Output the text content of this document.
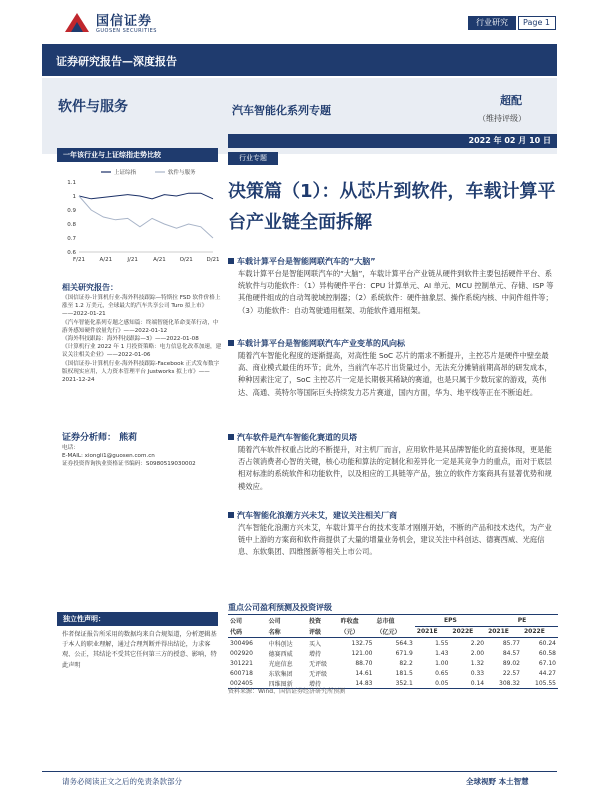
国信证券
GUOSEN SECURITIES
行业研究	Page 1
证券研究报告—深度报告
软件与服务	汽车智能化系列专题
超配
（维持评级）
2022 年 02 月 10 日
一年该行业与上证综指走势比较
上证综指	软件与服务
0.6
0.7
0.8
0.9
1
1.1
F/21	A/21	J/21	A/21	O/21 D/21
相关研究报告：
《国信证券-计算机行业-海外科技跟踪—特斯拉 FSD 软件价格上涨至 1.2 万美元，全球最大的汽车共享公司 Turo 拟上市》
——2022-01-21
《汽车智能化系列专题之感知篇：终端智能化革命变革行动，中游务感知硬件放量先行》——2022-01-12
《海外科技跟踪：海外科技跟踪—3》——2022-01-08
《计算机行业 2022 年 1 月投资策略：电力信息化改革加速，建议关注相关企业》——2022-01-06
《国信证券-计算机行业-海外科技跟踪-Facebook 正式发布数字版权现实应用，人力资本管理平台 Justworks 拟上市》——2021-12-24
证券分析师： 熊莉
电话：
E-MAIL: xiongli1@guosen.com.cn
证券投资咨询执业资格证书编码：S0980519030002
独立性声明：
作者保证报告所采用的数据均来自合规渠道，分析逻辑基于本人的职业理解，通过合理判断并得出结论，力求客观、公正，其结论不受其它任何第三方的授意、影响，特此声明
行业专题
决策篇（1）：从芯片到软件，车载计算平台产业链全面拆解
车载计算平台是智能网联汽车的“大脑”
车载计算平台是智能网联汽车的“大脑”，车载计算平台产业链从硬件到软件主要包括硬件平台、系统软件与功能软件：（1）异构硬件平台：CPU 计算单元、AI 单元、MCU 控制单元、存储、ISP 等其他硬件组成的自动驾驶域控制器；（2）系统软件：硬件抽象层、操作系统内核、中间件组件等；（3）功能软件：自动驾驶通用框架、功能软件通用框架。
车载计算平台是智能网联汽车产业变革的风向标
随着汽车智能化程度的逐渐提高，对高性能 SoC 芯片的需求不断提升，主控芯片是硬件中壁垒最高、商业模式最佳的环节；此外，当前汽车芯片出货量过小，无法充分摊销前期高昂的研发成本，种种因素注定了，SoC 主控芯片一定是长期极其稀缺的赛道，也是只属于少数玩家的游戏，英伟达、高通、英特尔等国际巨头持续发力芯片赛道，国内方面，华为、地平线等正在不断追赶。
汽车软件是汽车智能化赛道的贝塔
随着汽车软件权重占比的不断提升，对主机厂而言，应用软件是其品牌智能化的直接体现，更是能否占领消费者心智的关键，核心功能和算法的定制化和差异化一定是其竞争力的重点，而对于底层相对标准的系统软件和功能软件，以及相应的工具链等产品，独立的软件方案商具有显著优势和规模效应。
汽车智能化浪潮方兴未艾，建议关注相关厂商
汽车智能化浪潮方兴未艾，车载计算平台的技术变革才刚刚开始，不断的产品和技术迭代，为产业链中上游的方案商和软件商提供了大量的增量业务机会，建议关注中科创达、德赛西威、光庭信息、东软集团、四维图新等相关上市公司。
重点公司盈利预测及投资评级
公司	公司	投资	昨收盘	总市值	EPS		PE	
代码	名称	评级	（元）	（亿元）	2021E	2022E	2021E	2022E
300496	中科创达	买入	132.75	564.3	1.55	2.20	85.77	60.24
002920	德赛西威	增持	121.00	671.9	1.43	2.00	84.57	60.58
301221	光庭信息	无评级	88.70	82.2	1.00	1.32	89.02	67.10
600718	东软集团	无评级	14.61	181.5	0.65	0.33	22.57	44.27
002405	四维图新	增持	14.83	352.1	0.05	0.14	308.32	105.55
资料来源：Wind、国信证券经济研究所预测
请务必阅读正文之后的免责条款部分	全球视野 本土智慧
